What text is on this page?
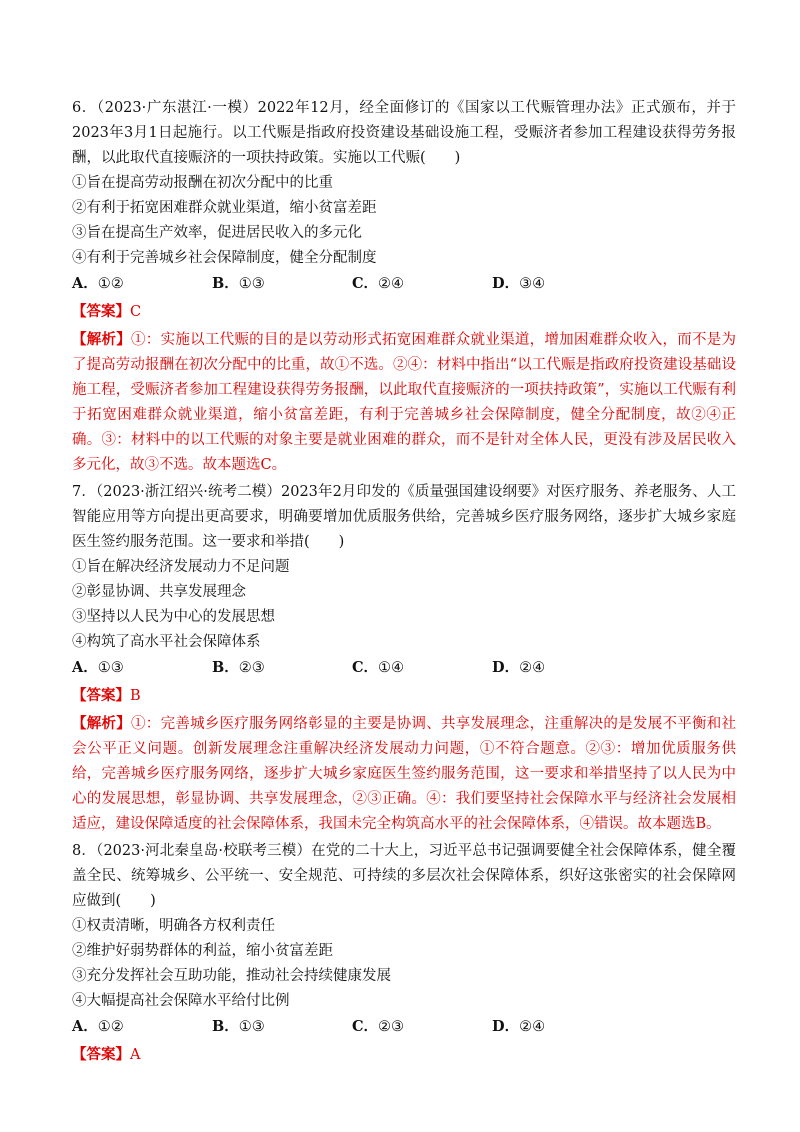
6．（2023·广东湛江·一模）2022年12月，经全面修订的《国家以工代赈管理办法》正式颁布，并于2023年3月1日起施行。以工代赈是指政府投资建设基础设施工程，受赈济者参加工程建设获得劳务报酬，以此取代直接赈济的一项扶持政策。实施以工代赈(　　)

①旨在提高劳动报酬在初次分配中的比重

②有利于拓宽困难群众就业渠道，缩小贫富差距

③旨在提高生产效率，促进居民收入的多元化

④有利于完善城乡社会保障制度，健全分配制度

A．①②	B．①③	C．②④	D．③④

【答案】C

【解析】①：实施以工代赈的目的是以劳动形式拓宽困难群众就业渠道，增加困难群众收入，而不是为了提高劳动报酬在初次分配中的比重，故①不选。②④：材料中指出“以工代赈是指政府投资建设基础设施工程，受赈济者参加工程建设获得劳务报酬，以此取代直接赈济的一项扶持政策”，实施以工代赈有利于拓宽困难群众就业渠道，缩小贫富差距，有利于完善城乡社会保障制度，健全分配制度，故②④正确。③：材料中的以工代赈的对象主要是就业困难的群众，而不是针对全体人民，更没有涉及居民收入多元化，故③不选。故本题选C。

7．（2023·浙江绍兴·统考二模）2023年2月印发的《质量强国建设纲要》对医疗服务、养老服务、人工智能应用等方向提出更高要求，明确要增加优质服务供给，完善城乡医疗服务网络，逐步扩大城乡家庭医生签约服务范围。这一要求和举措(　　)

①旨在解决经济发展动力不足问题

②彰显协调、共享发展理念

③坚持以人民为中心的发展思想

④构筑了高水平社会保障体系

A．①③	B．②③	C．①④	D．②④

【答案】B

【解析】①：完善城乡医疗服务网络彰显的主要是协调、共享发展理念，注重解决的是发展不平衡和社会公平正义问题。创新发展理念注重解决经济发展动力问题，①不符合题意。②③：增加优质服务供给，完善城乡医疗服务网络，逐步扩大城乡家庭医生签约服务范围，这一要求和举措坚持了以人民为中心的发展思想，彰显协调、共享发展理念，②③正确。④：我们要坚持社会保障水平与经济社会发展相适应，建设保障适度的社会保障体系，我国未完全构筑高水平的社会保障体系，④错误。故本题选B。

8．（2023·河北秦皇岛·校联考三模）在党的二十大上，习近平总书记强调要健全社会保障体系，健全覆盖全民、统筹城乡、公平统一、安全规范、可持续的多层次社会保障体系，织好这张密实的社会保障网应做到(　　)

①权责清晰，明确各方权利责任

②维护好弱势群体的利益，缩小贫富差距

③充分发挥社会互助功能，推动社会持续健康发展

④大幅提高社会保障水平给付比例

A．①②	B．①③	C．②③	D．②④

【答案】A
